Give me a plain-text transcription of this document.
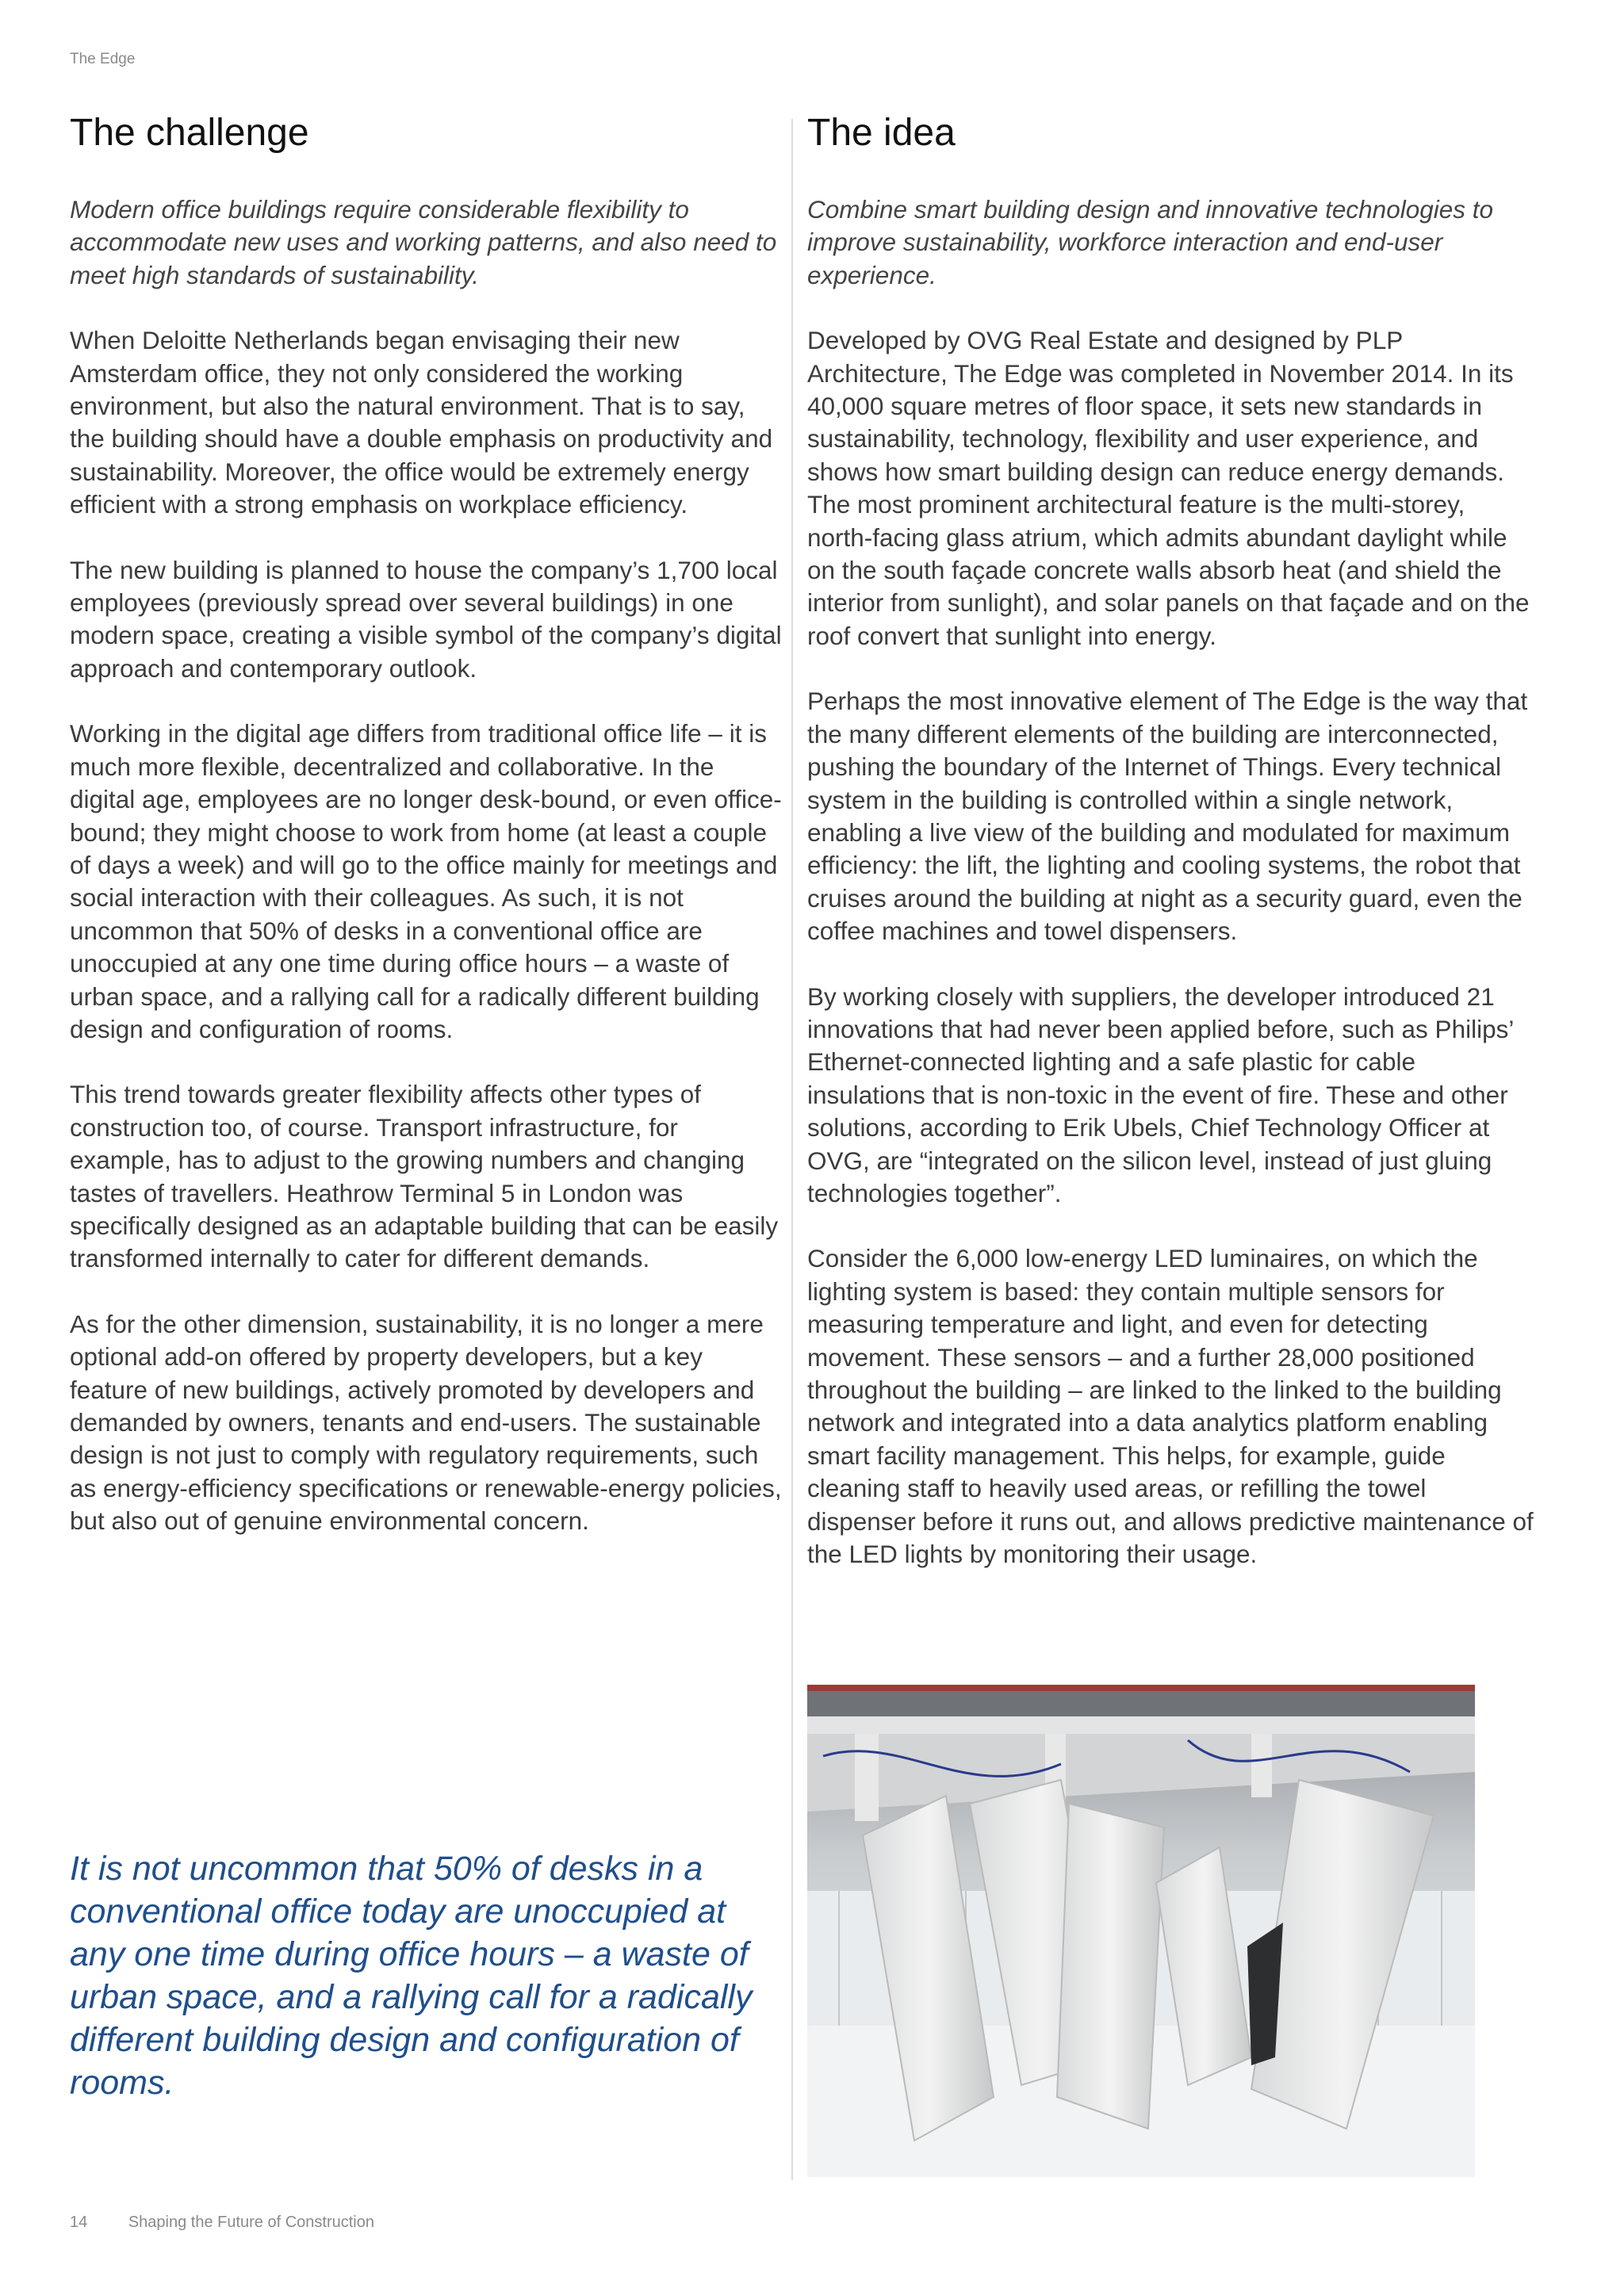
The Edge
The challenge

Modern office buildings require considerable flexibility to accommodate new uses and working patterns, and also need to meet high standards of sustainability.

When Deloitte Netherlands began envisaging their new Amsterdam office, they not only considered the working environment, but also the natural environment. That is to say, the building should have a double emphasis on productivity and sustainability. Moreover, the office would be extremely energy efficient with a strong emphasis on workplace efficiency.

The new building is planned to house the company’s 1,700 local employees (previously spread over several buildings) in one modern space, creating a visible symbol of the company’s digital approach and contemporary outlook.

Working in the digital age differs from traditional office life – it is much more flexible, decentralized and collaborative. In the digital age, employees are no longer desk-bound, or even office-bound; they might choose to work from home (at least a couple of days a week) and will go to the office mainly for meetings and social interaction with their colleagues. As such, it is not uncommon that 50% of desks in a conventional office are unoccupied at any one time during office hours – a waste of urban space, and a rallying call for a radically different building design and configuration of rooms.

This trend towards greater flexibility affects other types of construction too, of course. Transport infrastructure, for example, has to adjust to the growing numbers and changing tastes of travellers. Heathrow Terminal 5 in London was specifically designed as an adaptable building that can be easily transformed internally to cater for different demands.

As for the other dimension, sustainability, it is no longer a mere optional add-on offered by property developers, but a key feature of new buildings, actively promoted by developers and demanded by owners, tenants and end-users. The sustainable design is not just to comply with regulatory requirements, such as energy-efficiency specifications or renewable-energy policies, but also out of genuine environmental concern.

The idea

Combine smart building design and innovative technologies to improve sustainability, workforce interaction and end-user experience.

Developed by OVG Real Estate and designed by PLP Architecture, The Edge was completed in November 2014. In its 40,000 square metres of floor space, it sets new standards in sustainability, technology, flexibility and user experience, and shows how smart building design can reduce energy demands. The most prominent architectural feature is the multi-storey, north-facing glass atrium, which admits abundant daylight while on the south façade concrete walls absorb heat (and shield the interior from sunlight), and solar panels on that façade and on the roof convert that sunlight into energy.

Perhaps the most innovative element of The Edge is the way that the many different elements of the building are interconnected, pushing the boundary of the Internet of Things. Every technical system in the building is controlled within a single network, enabling a live view of the building and modulated for maximum efficiency: the lift, the lighting and cooling systems, the robot that cruises around the building at night as a security guard, even the coffee machines and towel dispensers.

By working closely with suppliers, the developer introduced 21 innovations that had never been applied before, such as Philips’ Ethernet-connected lighting and a safe plastic for cable insulations that is non-toxic in the event of fire. These and other solutions, according to Erik Ubels, Chief Technology Officer at OVG, are “integrated on the silicon level, instead of just gluing technologies together”.

Consider the 6,000 low-energy LED luminaires, on which the lighting system is based: they contain multiple sensors for measuring temperature and light, and even for detecting movement. These sensors – and a further 28,000 positioned throughout the building – are linked to the linked to the building network and integrated into a data analytics platform enabling smart facility management. This helps, for example, guide cleaning staff to heavily used areas, or refilling the towel dispenser before it runs out, and allows predictive maintenance of the LED lights by monitoring their usage.

It is not uncommon that 50% of desks in a conventional office today are unoccupied at any one time during office hours – a waste of urban space, and a rallying call for a radically different building design and configuration of rooms.

14	Shaping the Future of Construction
